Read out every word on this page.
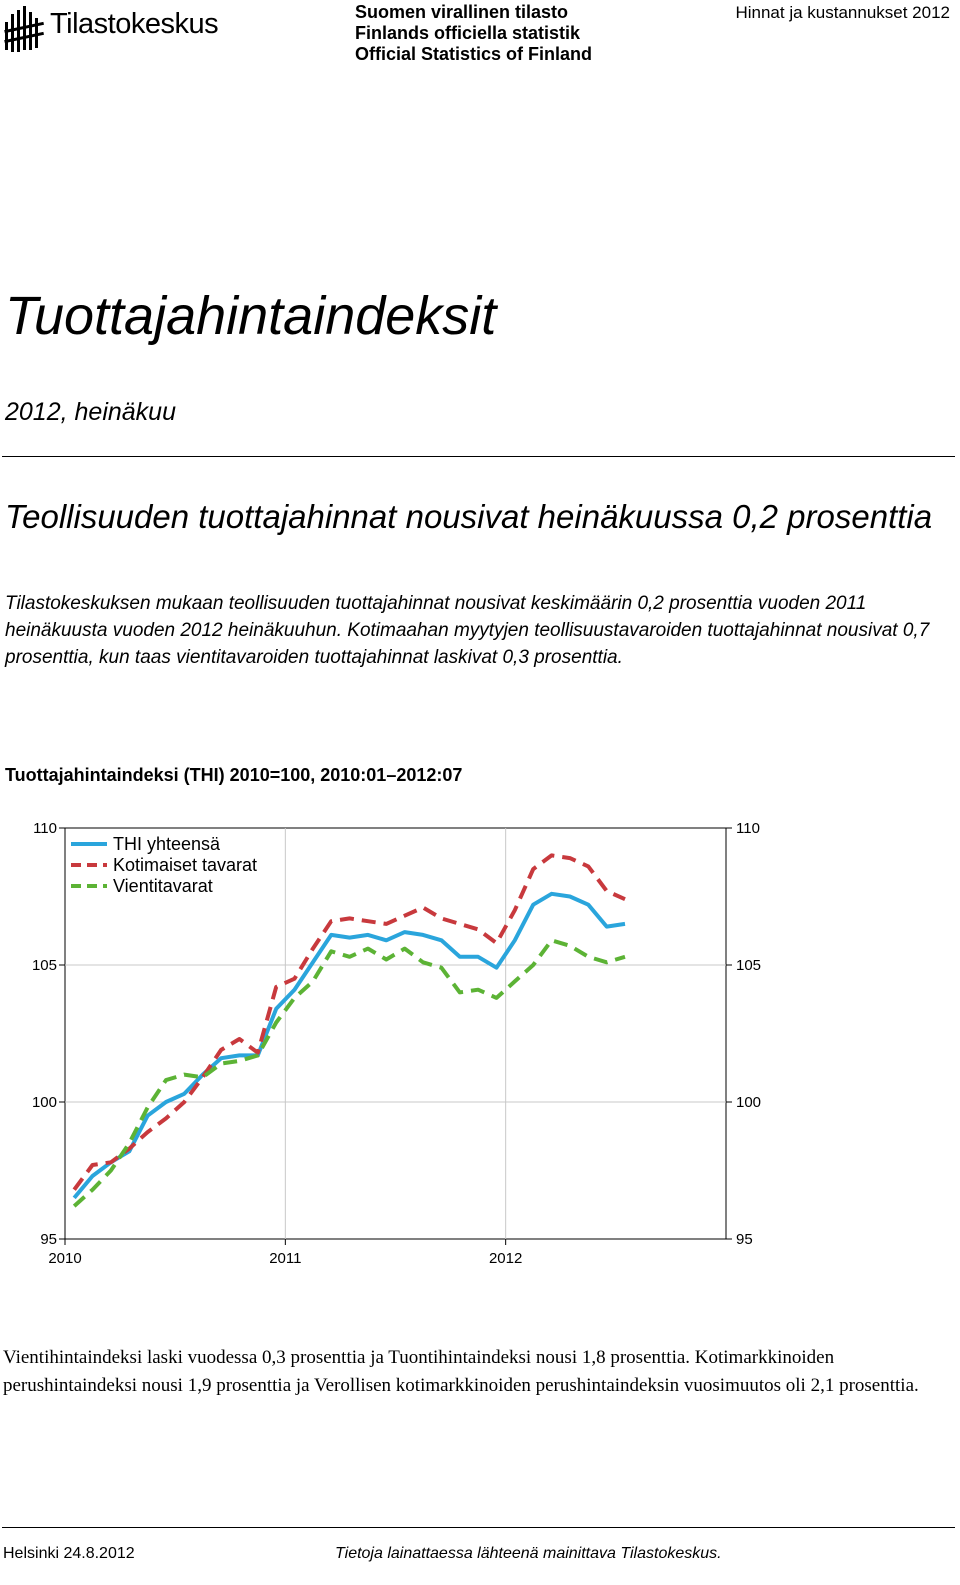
Tilastokeskus	Suomen virallinen tilasto
Finlands officiella statistik
Official Statistics of Finland
Hinnat ja kustannukset 2012
Tuottajahintaindeksit
2012, heinäkuu
Teollisuuden tuottajahinnat nousivat heinäkuussa 0,2 prosenttia
Tilastokeskuksen mukaan teollisuuden tuottajahinnat nousivat keskimäärin 0,2 prosenttia vuoden 2011 heinäkuusta vuoden 2012 heinäkuuhun. Kotimaahan myytyjen teollisuustavaroiden tuottajahinnat nousivat 0,7 prosenttia, kun taas vientitavaroiden tuottajahinnat laskivat 0,3 prosenttia.
Tuottajahintaindeksi (THI) 2010=100, 2010:01–2012:07
95	95
100	100
105	105
110	110
2010	2011	2012
THI yhteensä
Kotimaiset tavarat
Vientitavarat
Vientihintaindeksi laski vuodessa 0,3 prosenttia ja Tuontihintaindeksi nousi 1,8 prosenttia. Kotimarkkinoiden perushintaindeksi nousi 1,9 prosenttia ja Verollisen kotimarkkinoiden perushintaindeksin vuosimuutos oli 2,1 prosenttia.
Helsinki 24.8.2012	Tietoja lainattaessa lähteenä mainittava Tilastokeskus.
